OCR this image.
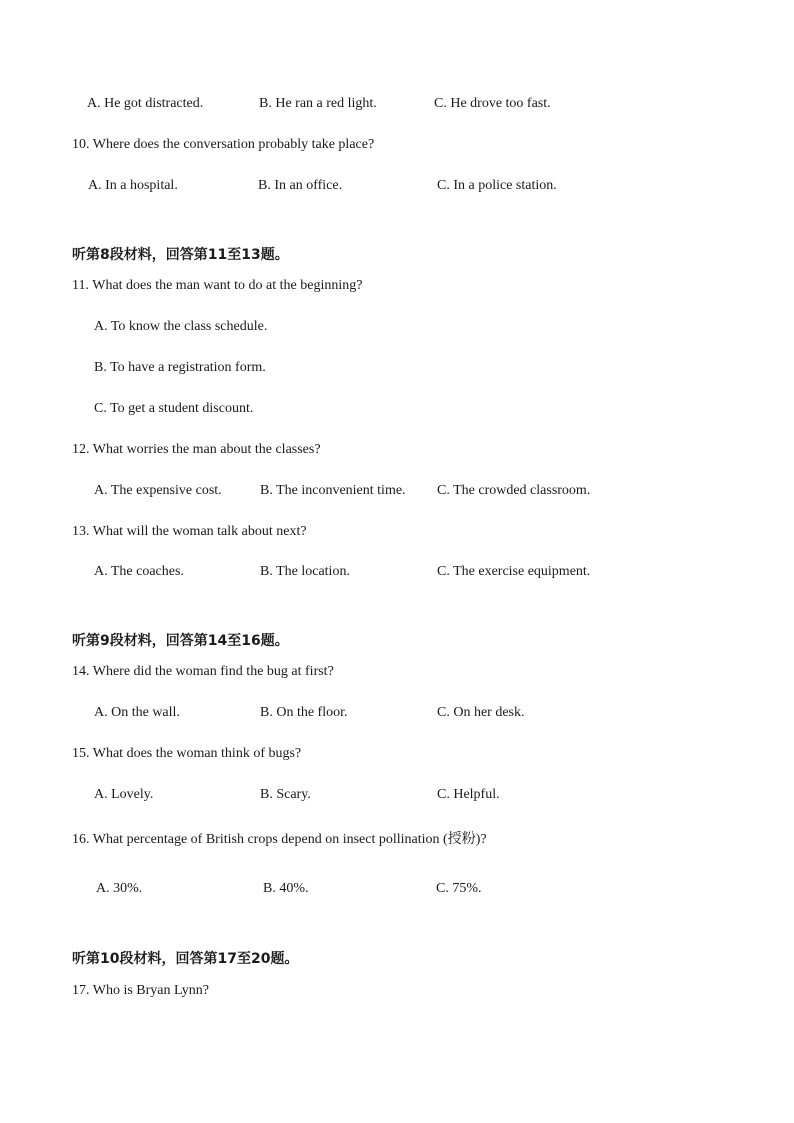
A. He got distracted.	B. He ran a red light.	C. He drove too fast.
10. Where does the conversation probably take place?
A. In a hospital.	B. In an office.	C. In a police station.
听第8段材料，回答第11至13题。
11. What does the man want to do at the beginning?
A. To know the class schedule.
B. To have a registration form.
C. To get a student discount.
12. What worries the man about the classes?
A. The expensive cost.	B. The inconvenient time. C. The crowded classroom.
13. What will the woman talk about next?
A. The coaches.	B. The location.	C. The exercise equipment.
听第9段材料，回答第14至16题。
14. Where did the woman find the bug at first?
A. On the wall.	B. On the floor.	C. On her desk.
15. What does the woman think of bugs?
A. Lovely.	B. Scary.	C. Helpful.
16. What percentage of British crops depend on insect pollination (授粉)?
A. 30%.	B. 40%.	C. 75%.
听第10段材料，回答第17至20题。
17. Who is Bryan Lynn?
